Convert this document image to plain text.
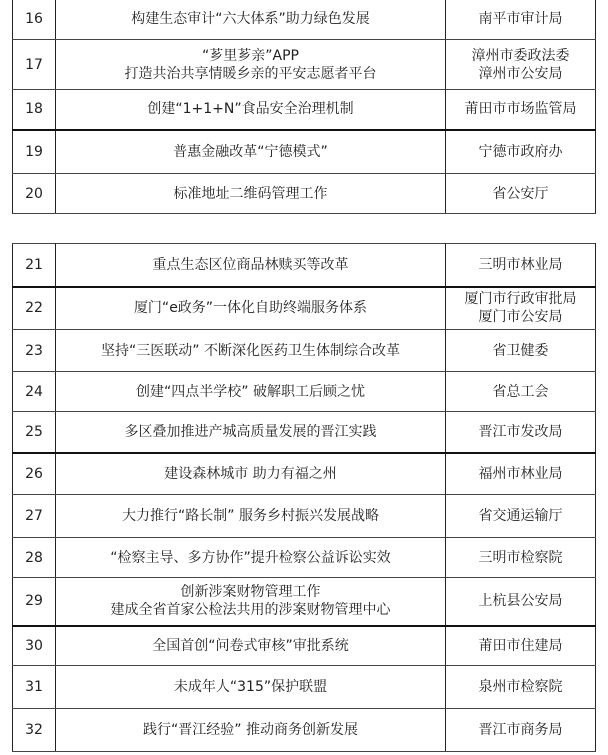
16	构建生态审计“六大体系”助力绿色发展	南平市审计局

17	“芗里芗亲”APP
打造共治共享情暖乡亲的平安志愿者平台	漳州市委政法委
漳州市公安局

18	创建“1+1+N”食品安全治理机制	莆田市市场监管局

19	普惠金融改革“宁德模式”	宁德市政府办

20	标准地址二维码管理工作	省公安厅
21	重点生态区位商品林赎买等改革	三明市林业局

22	厦门“e政务”一体化自助终端服务体系	厦门市行政审批局
厦门市公安局

23	坚持“三医联动” 不断深化医药卫生体制综合改革	省卫健委

24	创建“四点半学校” 破解职工后顾之忧	省总工会

25	多区叠加推进产城高质量发展的晋江实践	晋江市发改局

26	建设森林城市 助力有福之州	福州市林业局

27	大力推行“路长制” 服务乡村振兴发展战略	省交通运输厅

28	“检察主导、多方协作”提升检察公益诉讼实效	三明市检察院

29	创新涉案财物管理工作
建成全省首家公检法共用的涉案财物管理中心	上杭县公安局

30	全国首创“问卷式审核”审批系统	莆田市住建局

31	未成年人“315”保护联盟	泉州市检察院

32	践行“晋江经验” 推动商务创新发展	晋江市商务局
